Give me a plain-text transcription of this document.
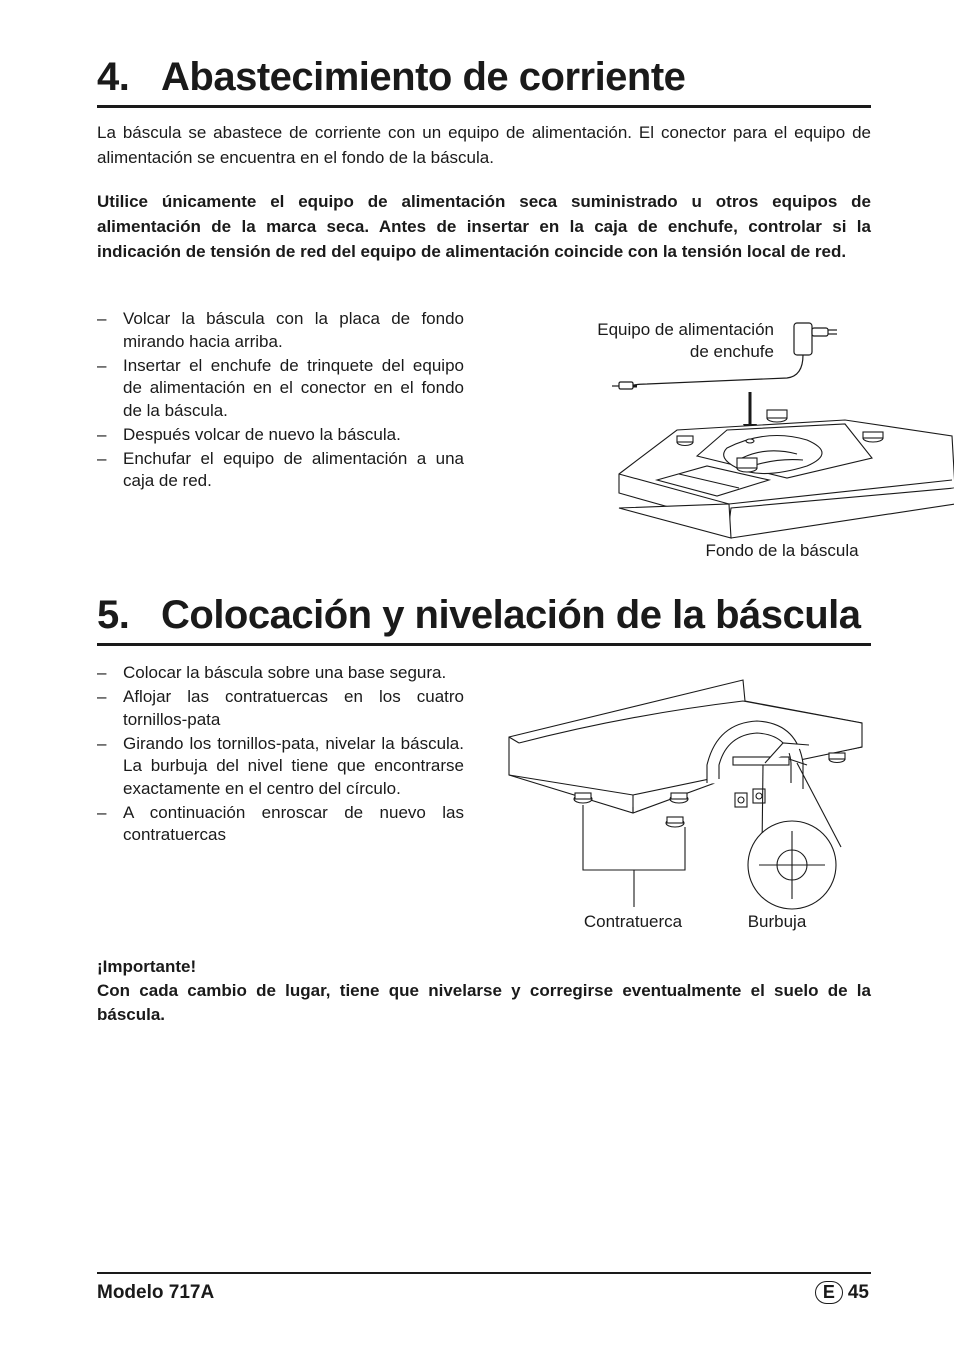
4. Abastecimiento de corriente

La báscula se abastece de corriente con un equipo de alimentación. El conector para el equipo de alimentación se encuentra en el fondo de la báscula.

Utilice únicamente el equipo de alimentación seca suministrado u otros equipos de alimentación de la marca seca. Antes de insertar en la caja de enchufe, controlar si la indicación de tensión de red del equipo de alimentación coincide con la tensión local de red.

– Volcar la báscula con la placa de fondo mirando hacia arriba.
– Insertar el enchufe de trinquete del equipo de alimentación en el conector en el fondo de la báscula.
– Después volcar de nuevo la báscula.
– Enchufar el equipo de alimentación a una caja de red.
Equipo de alimentación
de enchufe
Fondo de la báscula
5. Colocación y nivelación de la báscula
– Colocar la báscula sobre una base segura.
– Aflojar las contratuercas en los cuatro tornillos-pata
– Girando los tornillos-pata, nivelar la báscula. La burbuja del nivel tiene que encontrarse exactamente en el centro del círculo.
– A continuación enroscar de nuevo las contratuercas
Contratuerca	Burbuja

¡Importante!

Con cada cambio de lugar, tiene que nivelarse y corregirse eventualmente el suelo de la báscula.

Modelo 717A	E 45
